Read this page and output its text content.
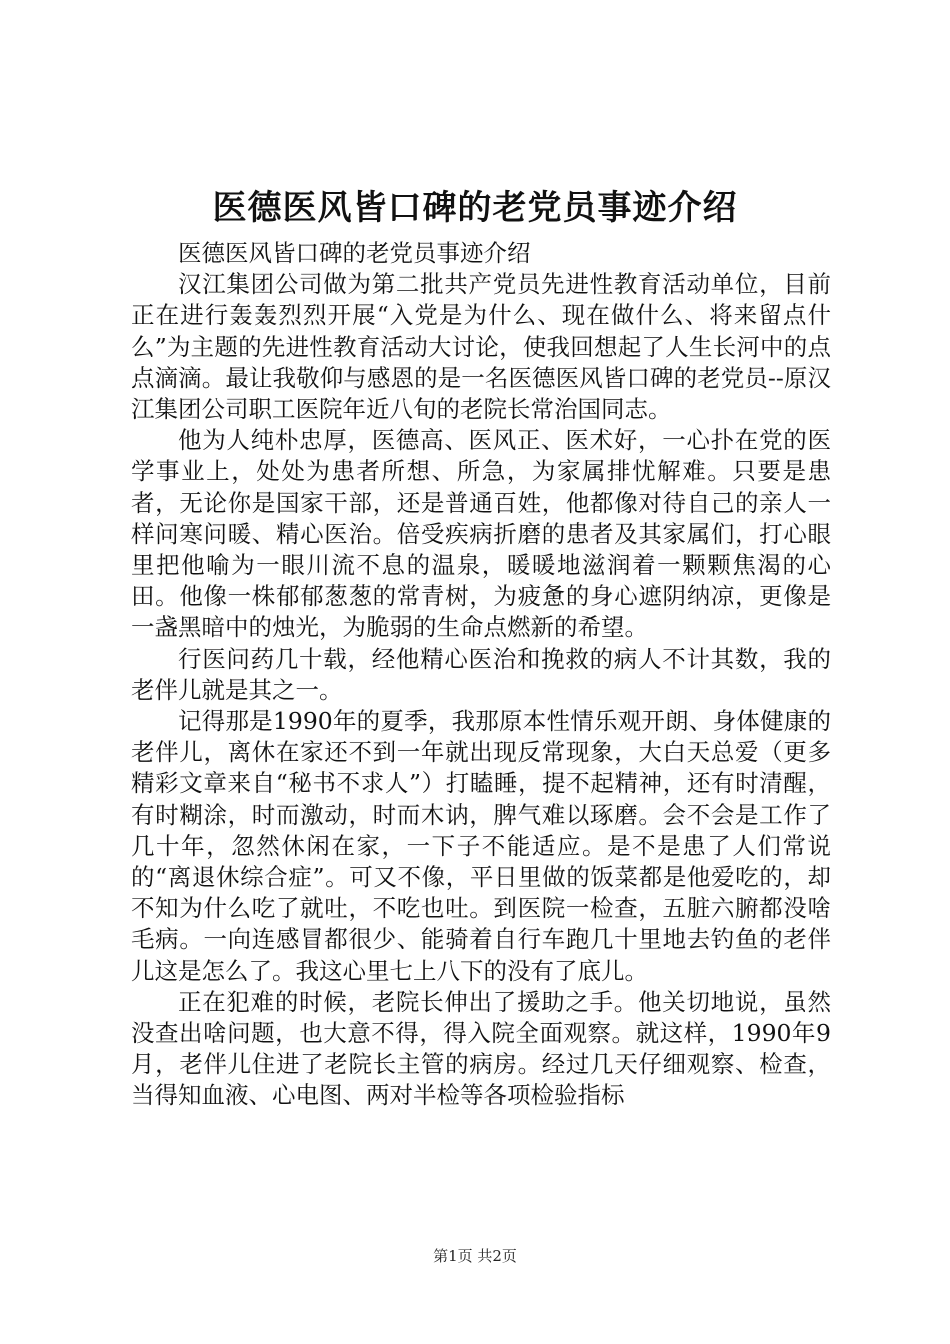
医德医风皆口碑的老党员事迹介绍

医德医风皆口碑的老党员事迹介绍

汉江集团公司做为第二批共产党员先进性教育活动单位，目前正在进行轰轰烈烈开展“入党是为什么、现在做什么、将来留点什么”为主题的先进性教育活动大讨论，使我回想起了人生长河中的点点滴滴。最让我敬仰与感恩的是一名医德医风皆口碑的老党员--原汉江集团公司职工医院年近八旬的老院长常治国同志。

他为人纯朴忠厚，医德高、医风正、医术好，一心扑在党的医学事业上，处处为患者所想、所急，为家属排忧解难。只要是患者，无论你是国家干部，还是普通百姓，他都像对待自己的亲人一样问寒问暖、精心医治。倍受疾病折磨的患者及其家属们，打心眼里把他喻为一眼川流不息的温泉，暖暖地滋润着一颗颗焦渴的心田。他像一株郁郁葱葱的常青树，为疲惫的身心遮阴纳凉，更像是一盏黑暗中的烛光，为脆弱的生命点燃新的希望。

行医问药几十载，经他精心医治和挽救的病人不计其数，我的老伴儿就是其之一。

记得那是1990年的夏季，我那原本性情乐观开朗、身体健康的老伴儿，离休在家还不到一年就出现反常现象，大白天总爱（更多精彩文章来自“秘书不求人”）打瞌睡，提不起精神，还有时清醒，有时糊涂，时而激动，时而木讷，脾气难以琢磨。会不会是工作了几十年，忽然休闲在家，一下子不能适应。是不是患了人们常说的“离退休综合症”。可又不像，平日里做的饭菜都是他爱吃的，却不知为什么吃了就吐，不吃也吐。到医院一检查，五脏六腑都没啥毛病。一向连感冒都很少、能骑着自行车跑几十里地去钓鱼的老伴儿这是怎么了。我这心里七上八下的没有了底儿。

正在犯难的时候，老院长伸出了援助之手。他关切地说，虽然没查出啥问题，也大意不得，得入院全面观察。就这样，1990年9月，老伴儿住进了老院长主管的病房。经过几天仔细观察、检查，当得知血液、心电图、两对半检等各项检验指标

第1页 共2页
